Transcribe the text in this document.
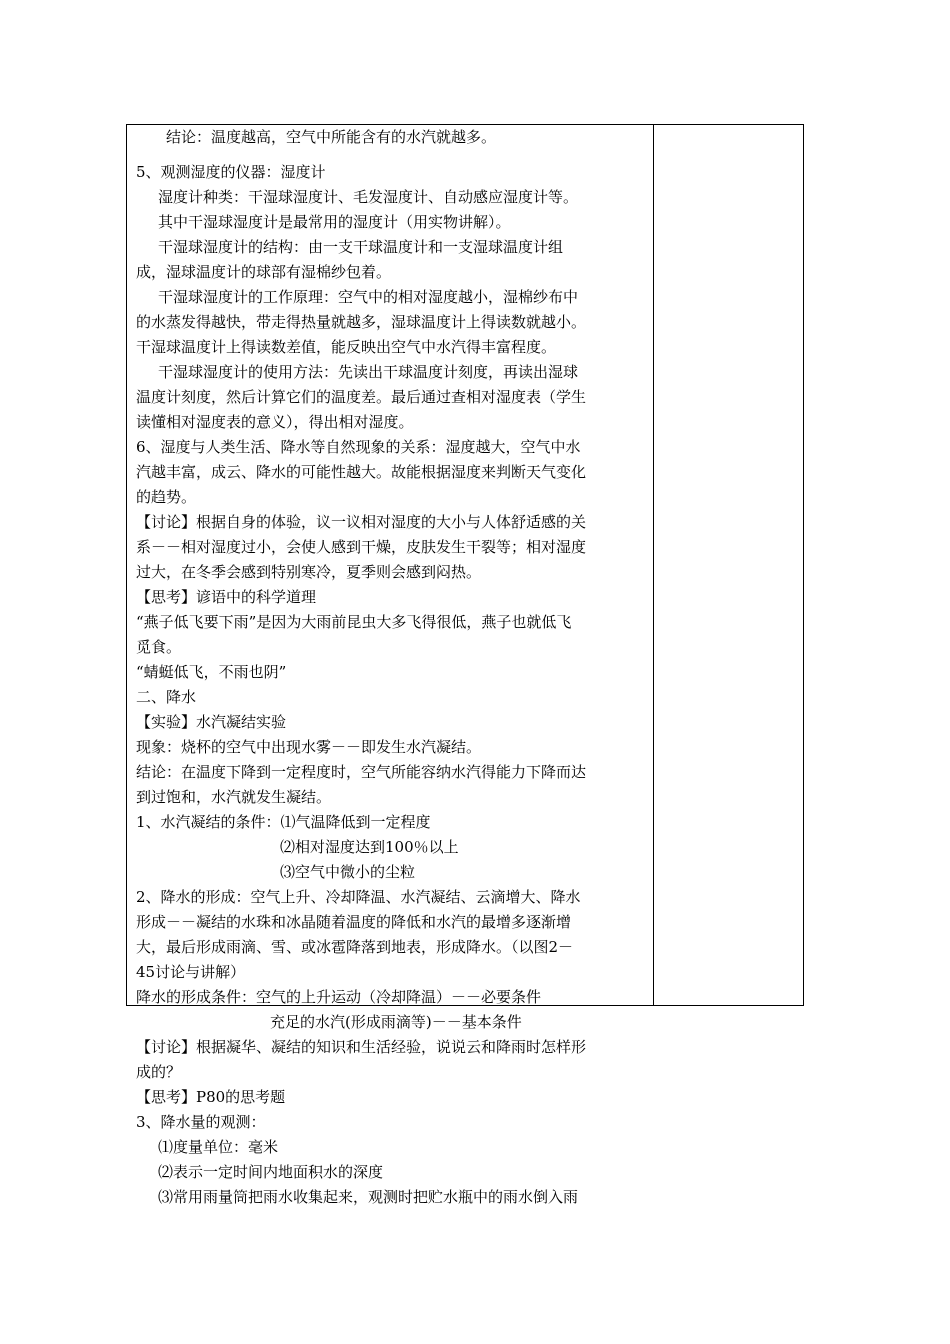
结论：温度越高，空气中所能含有的水汽就越多。
5、观测湿度的仪器：湿度计
湿度计种类：干湿球湿度计、毛发湿度计、自动感应湿度计等。
其中干湿球湿度计是最常用的湿度计（用实物讲解）。
干湿球湿度计的结构：由一支干球温度计和一支湿球温度计组
成，湿球温度计的球部有湿棉纱包着。
干湿球湿度计的工作原理：空气中的相对湿度越小，湿棉纱布中
的水蒸发得越快，带走得热量就越多，湿球温度计上得读数就越小。
干湿球温度计上得读数差值，能反映出空气中水汽得丰富程度。
干湿球湿度计的使用方法：先读出干球温度计刻度，再读出湿球
温度计刻度，然后计算它们的温度差。最后通过查相对湿度表（学生
读懂相对湿度表的意义），得出相对湿度。
6、湿度与人类生活、降水等自然现象的关系：湿度越大，空气中水
汽越丰富，成云、降水的可能性越大。故能根据湿度来判断天气变化
的趋势。
【讨论】根据自身的体验，议一议相对湿度的大小与人体舒适感的关
系－－相对湿度过小，会使人感到干燥，皮肤发生干裂等；相对湿度
过大，在冬季会感到特别寒冷，夏季则会感到闷热。
【思考】谚语中的科学道理
“燕子低飞要下雨”是因为大雨前昆虫大多飞得很低，燕子也就低飞
觅食。
“蜻蜓低飞，不雨也阴”
二、降水
【实验】水汽凝结实验
现象：烧杯的空气中出现水雾－－即发生水汽凝结。
结论：在温度下降到一定程度时，空气所能容纳水汽得能力下降而达
到过饱和，水汽就发生凝结。
1、水汽凝结的条件：⑴气温降低到一定程度
⑵相对湿度达到100％以上
⑶空气中微小的尘粒
2、降水的形成：空气上升、冷却降温、水汽凝结、云滴增大、降水
形成－－凝结的水珠和冰晶随着温度的降低和水汽的最增多逐渐增
大，最后形成雨滴、雪、或冰雹降落到地表，形成降水。（以图2－
45讨论与讲解）
降水的形成条件：空气的上升运动（冷却降温）－－必要条件
充足的水汽(形成雨滴等)－－基本条件
【讨论】根据凝华、凝结的知识和生活经验，说说云和降雨时怎样形
成的？
【思考】P80的思考题
3、降水量的观测：
⑴度量单位：毫米
⑵表示一定时间内地面积水的深度
⑶常用雨量筒把雨水收集起来，观测时把贮水瓶中的雨水倒入雨
